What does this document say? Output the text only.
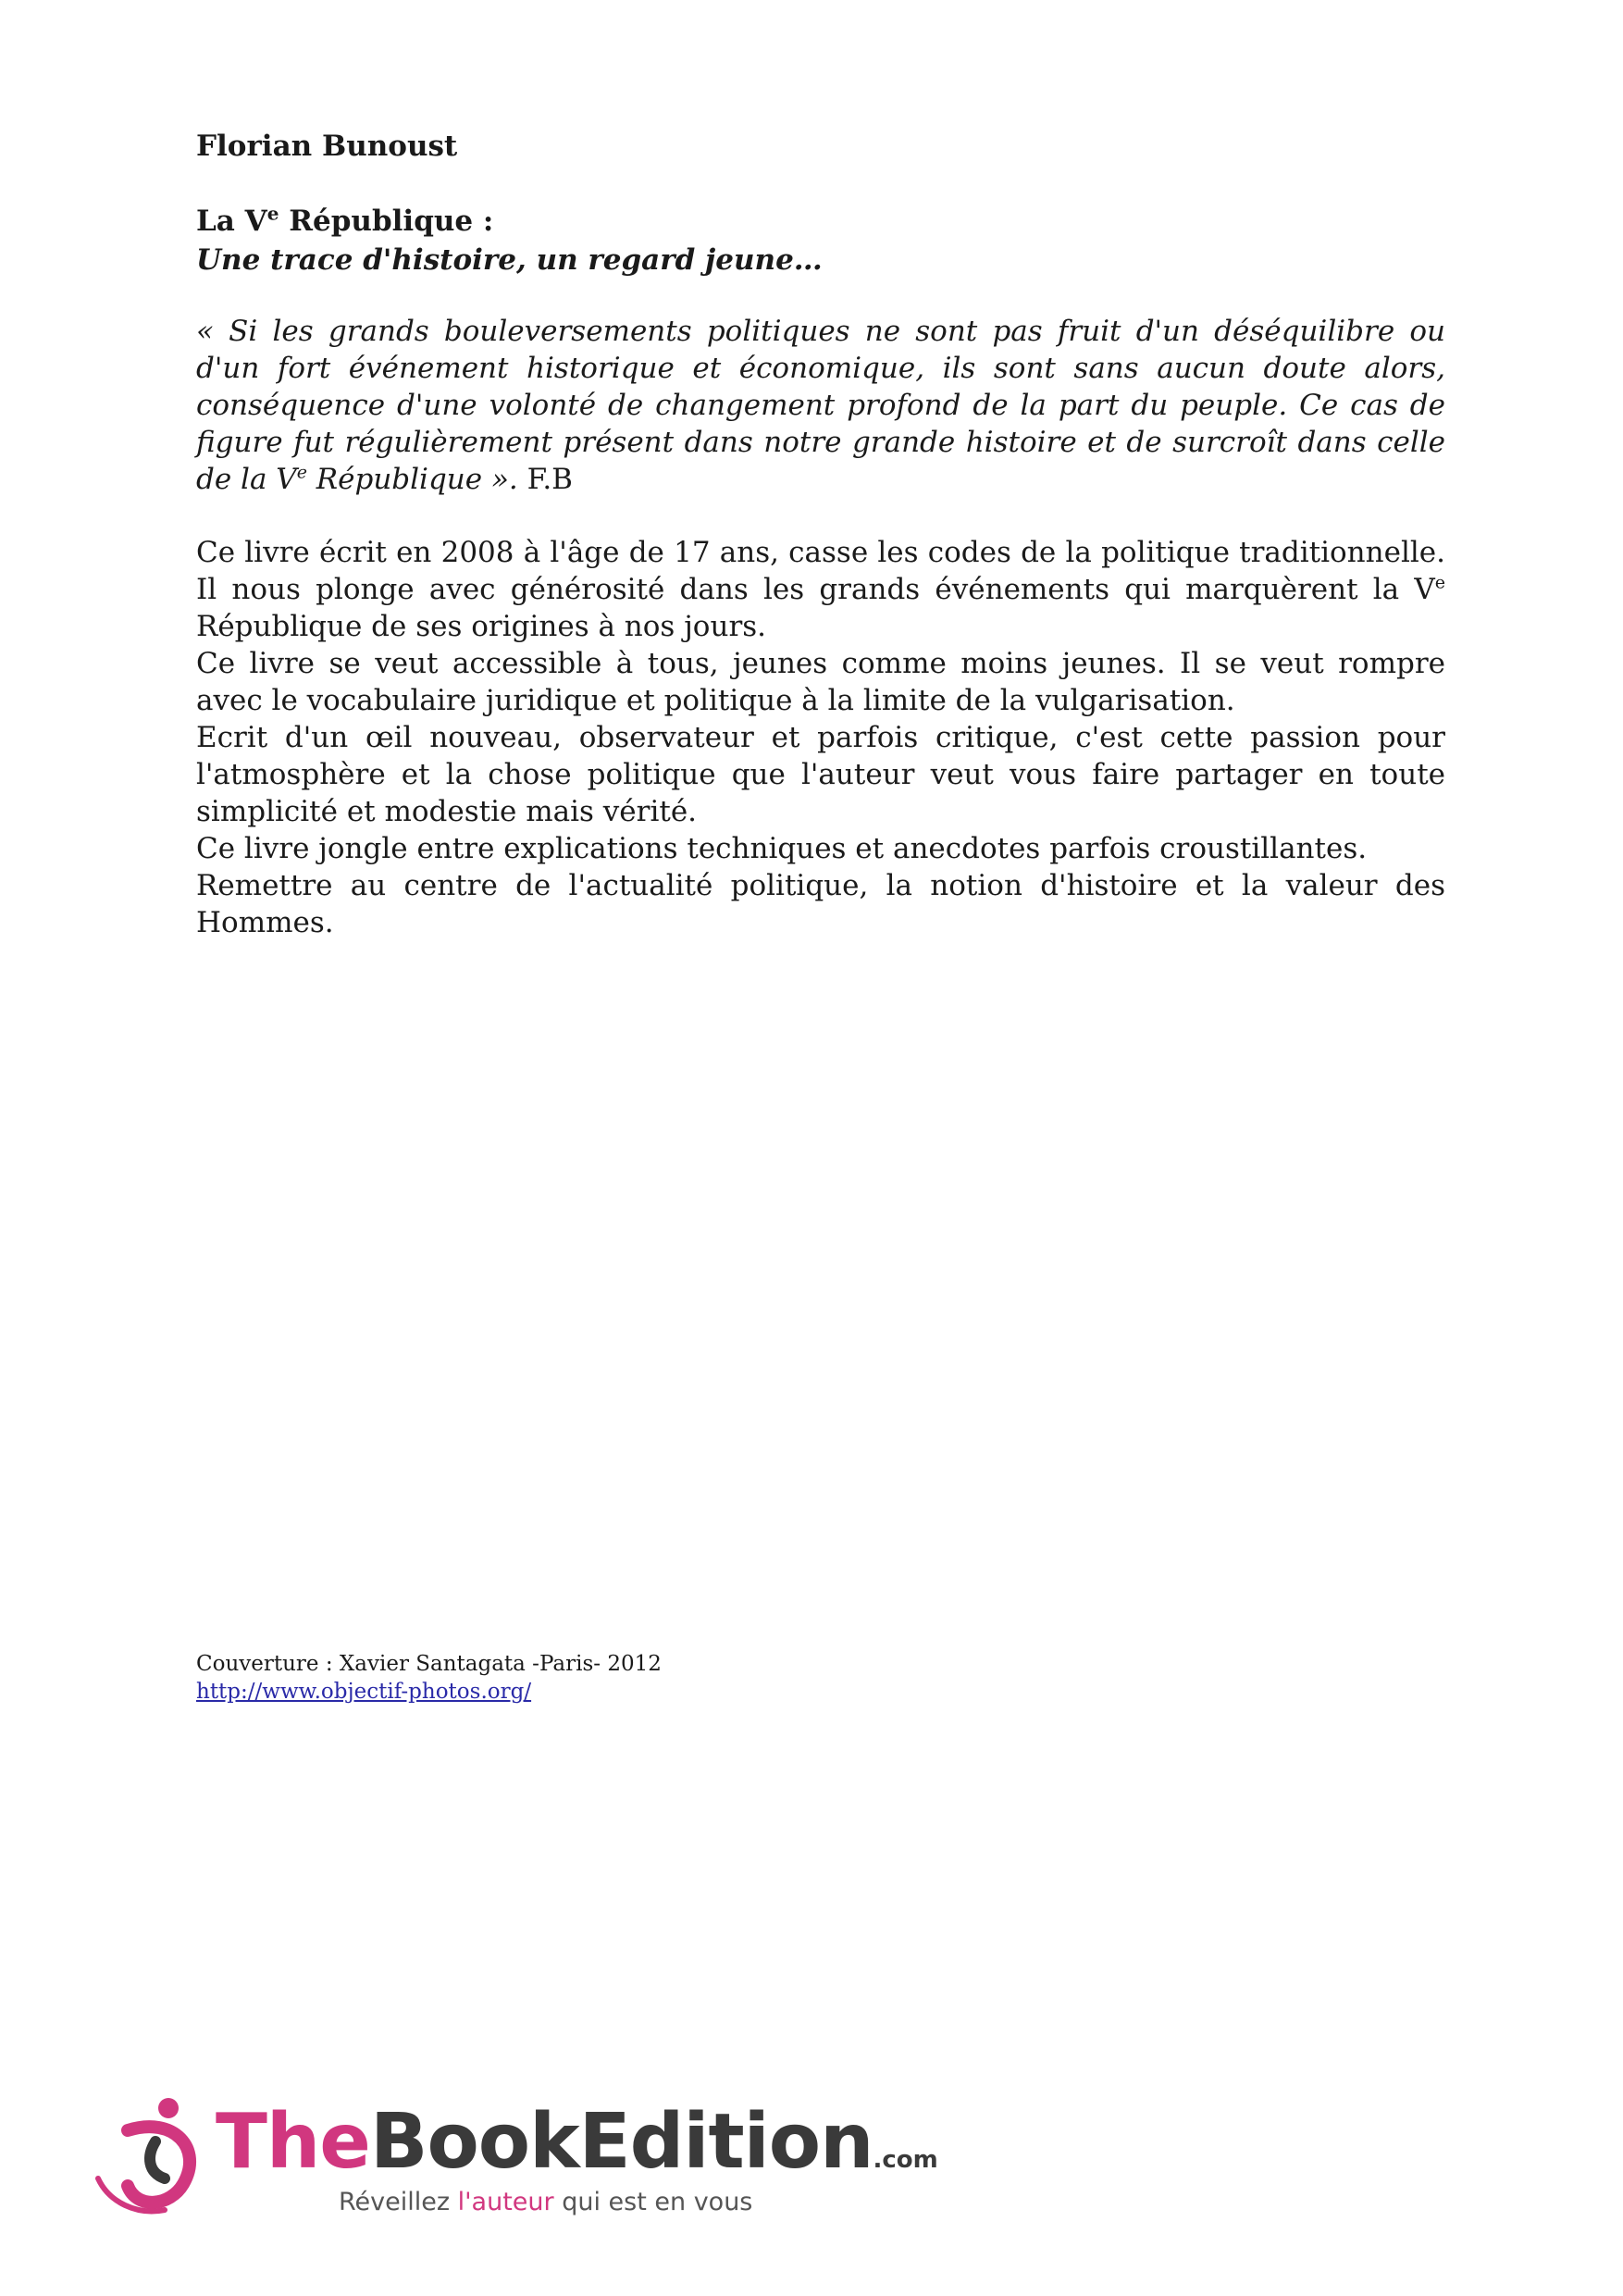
Florian Bunoust

La Ve République :

Une trace d'histoire, un regard jeune…

« Si les grands bouleversements politiques ne sont pas fruit d'un déséquilibre ou d'un fort événement historique et économique, ils sont sans aucun doute alors, conséquence d'une volonté de changement profond de la part du peuple. Ce cas de figure fut régulièrement présent dans notre grande histoire et de surcroît dans celle de la Ve République ». F.B

Ce livre écrit en 2008 à l'âge de 17 ans, casse les codes de la politique traditionnelle. Il nous plonge avec générosité dans les grands événements qui marquèrent la Ve République de ses origines à nos jours.

Ce livre se veut accessible à tous, jeunes comme moins jeunes. Il se veut rompre avec le vocabulaire juridique et politique à la limite de la vulgarisation.

Ecrit d'un œil nouveau, observateur et parfois critique, c'est cette passion pour l'atmosphère et la chose politique que l'auteur veut vous faire partager en toute simplicité et modestie mais vérité.

Ce livre jongle entre explications techniques et anecdotes parfois croustillantes.

Remettre au centre de l'actualité politique, la notion d'histoire et la valeur des Hommes.

Couverture : Xavier Santagata -Paris- 2012

http://www.objectif-photos.org/

TheBookEdition.com

Réveillez l'auteur qui est en vous
